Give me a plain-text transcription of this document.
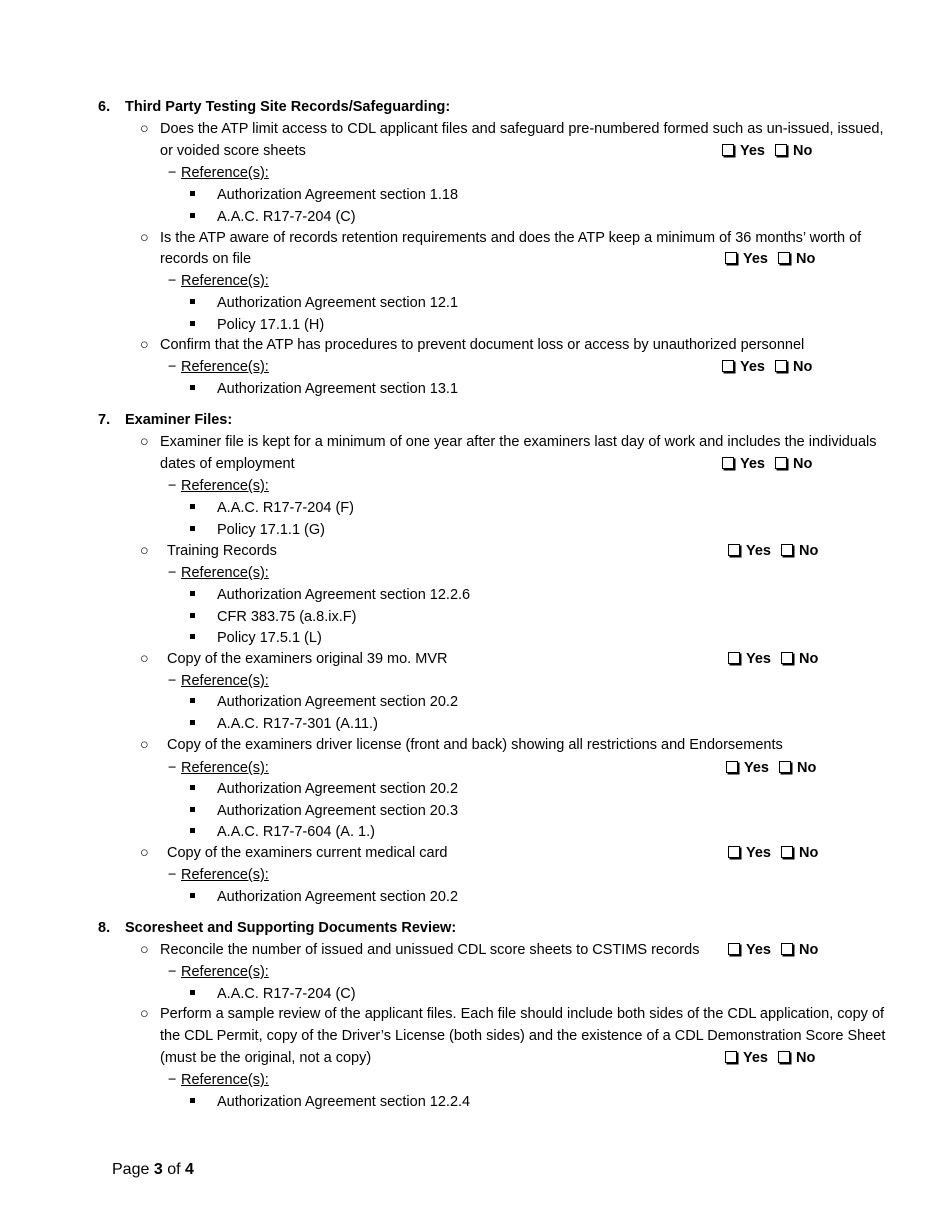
6. Third Party Testing Site Records/Safeguarding:
○ Does the ATP limit access to CDL applicant files and safeguard pre-numbered formed such as un-issued, issued,
or voided score sheets	Yes No
− Reference(s):
Authorization Agreement section 1.18
A.A.C. R17-7-204 (C)
○ Is the ATP aware of records retention requirements and does the ATP keep a minimum of 36 months’ worth of
records on file	Yes No
− Reference(s):
Authorization Agreement section 12.1
Policy 17.1.1 (H)
○ Confirm that the ATP has procedures to prevent document loss or access by unauthorized personnel
− Reference(s):	Yes No
Authorization Agreement section 13.1
7. Examiner Files:
○ Examiner file is kept for a minimum of one year after the examiners last day of work and includes the individuals
dates of employment	Yes No
− Reference(s):
A.A.C. R17-7-204 (F)
Policy 17.1.1 (G)
○ Training Records	Yes No
− Reference(s):
Authorization Agreement section 12.2.6
CFR 383.75 (a.8.ix.F)
Policy 17.5.1 (L)
○ Copy of the examiners original 39 mo. MVR	Yes No
− Reference(s):
Authorization Agreement section 20.2
A.A.C. R17-7-301 (A.11.)
○ Copy of the examiners driver license (front and back) showing all restrictions and Endorsements
− Reference(s):	Yes No
Authorization Agreement section 20.2
Authorization Agreement section 20.3
A.A.C. R17-7-604 (A. 1.)
○ Copy of the examiners current medical card	Yes No
− Reference(s):
Authorization Agreement section 20.2
8. Scoresheet and Supporting Documents Review:
○ Reconcile the number of issued and unissued CDL score sheets to CSTIMS records	Yes No
− Reference(s):
A.A.C. R17-7-204 (C)
○ Perform a sample review of the applicant files. Each file should include both sides of the CDL application, copy of
the CDL Permit, copy of the Driver’s License (both sides) and the existence of a CDL Demonstration Score Sheet
(must be the original, not a copy)	Yes No
− Reference(s):
Authorization Agreement section 12.2.4
Page 3 of 4
